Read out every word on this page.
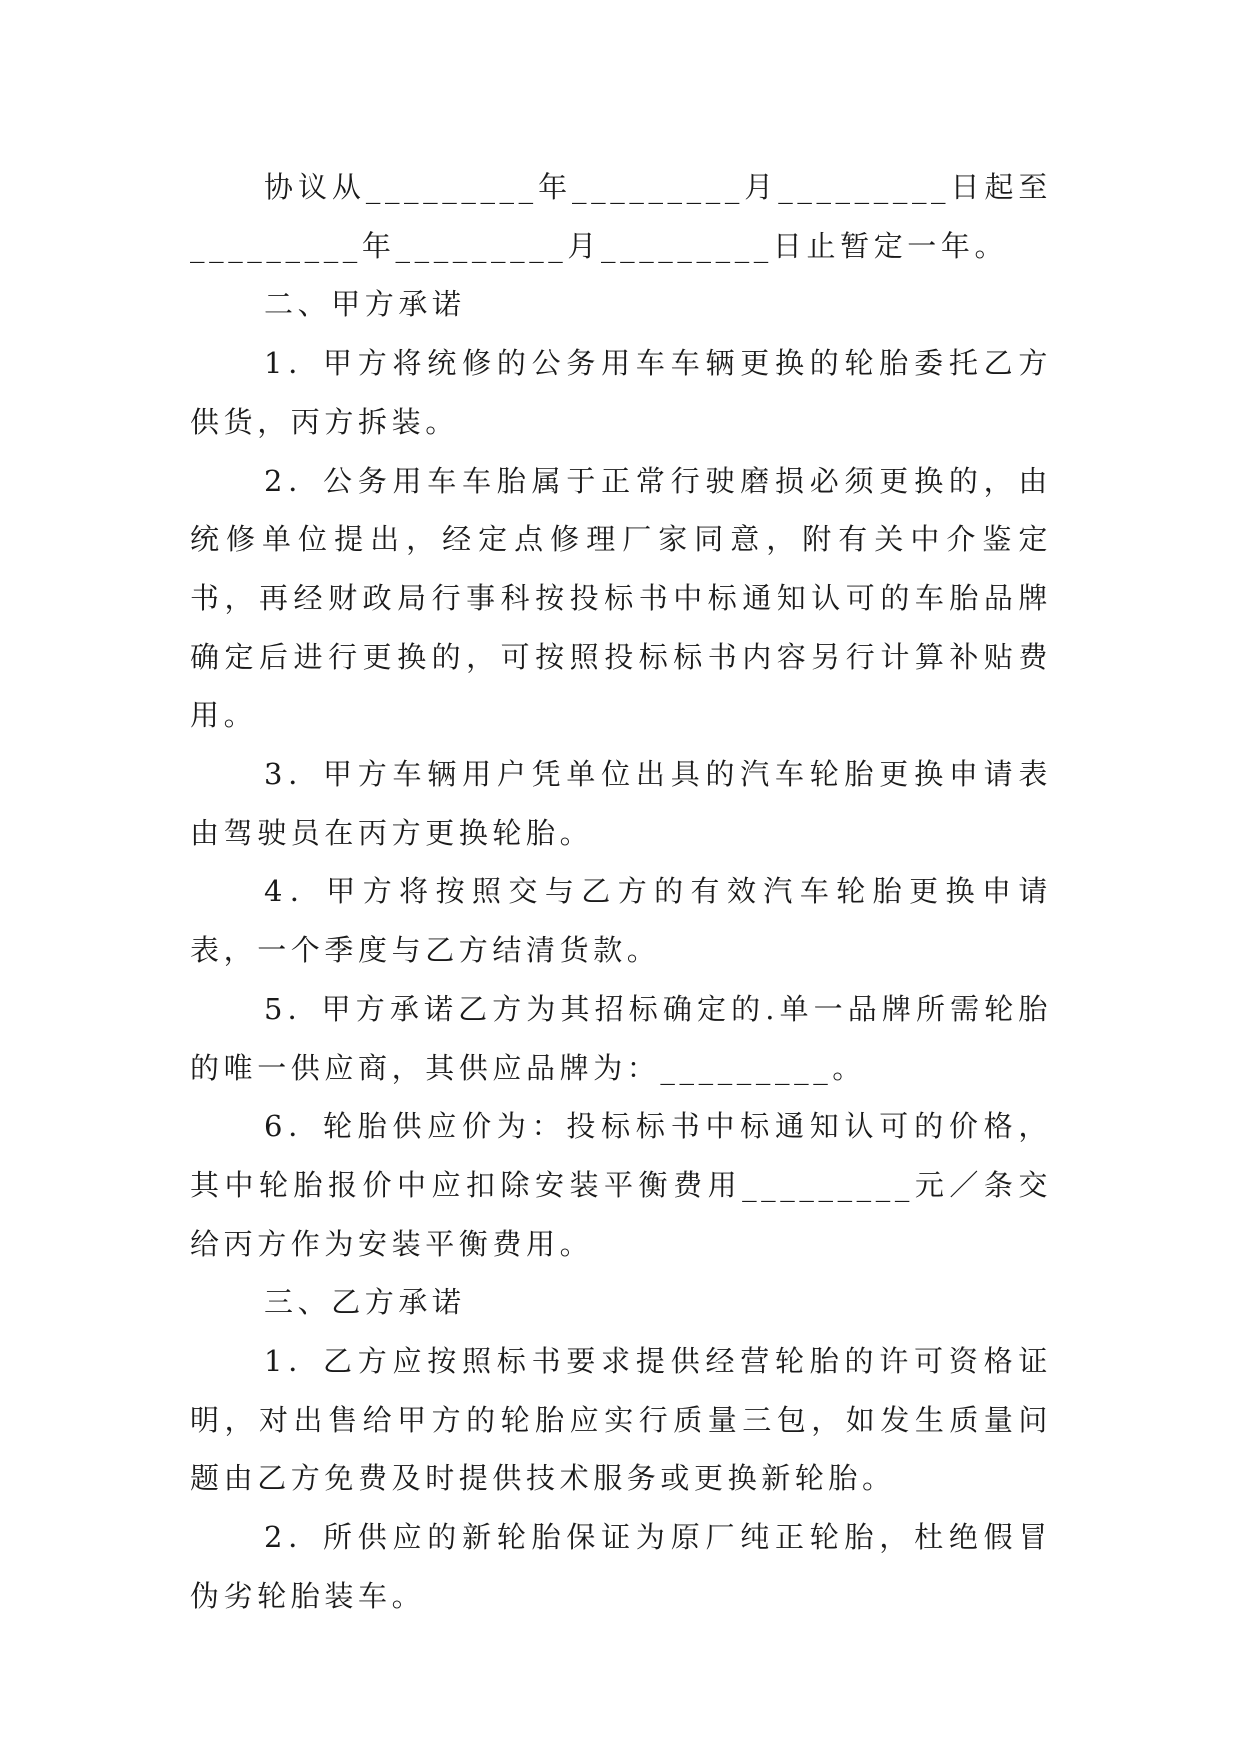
协议从_________年_________月_________日起至_________年_________月_________日止暂定一年。

二、甲方承诺

1．甲方将统修的公务用车车辆更换的轮胎委托乙方供货，丙方拆装。

2．公务用车车胎属于正常行驶磨损必须更换的，由统修单位提出，经定点修理厂家同意，附有关中介鉴定书，再经财政局行事科按投标书中标通知认可的车胎品牌确定后进行更换的，可按照投标标书内容另行计算补贴费用。

3．甲方车辆用户凭单位出具的汽车轮胎更换申请表由驾驶员在丙方更换轮胎。

4．甲方将按照交与乙方的有效汽车轮胎更换申请表，一个季度与乙方结清货款。

5．甲方承诺乙方为其招标确定的.单一品牌所需轮胎的唯一供应商，其供应品牌为：_________。

6．轮胎供应价为：投标标书中标通知认可的价格，其中轮胎报价中应扣除安装平衡费用_________元／条交给丙方作为安装平衡费用。

三、乙方承诺

1．乙方应按照标书要求提供经营轮胎的许可资格证明，对出售给甲方的轮胎应实行质量三包，如发生质量问题由乙方免费及时提供技术服务或更换新轮胎。

2．所供应的新轮胎保证为原厂纯正轮胎，杜绝假冒伪劣轮胎装车。
